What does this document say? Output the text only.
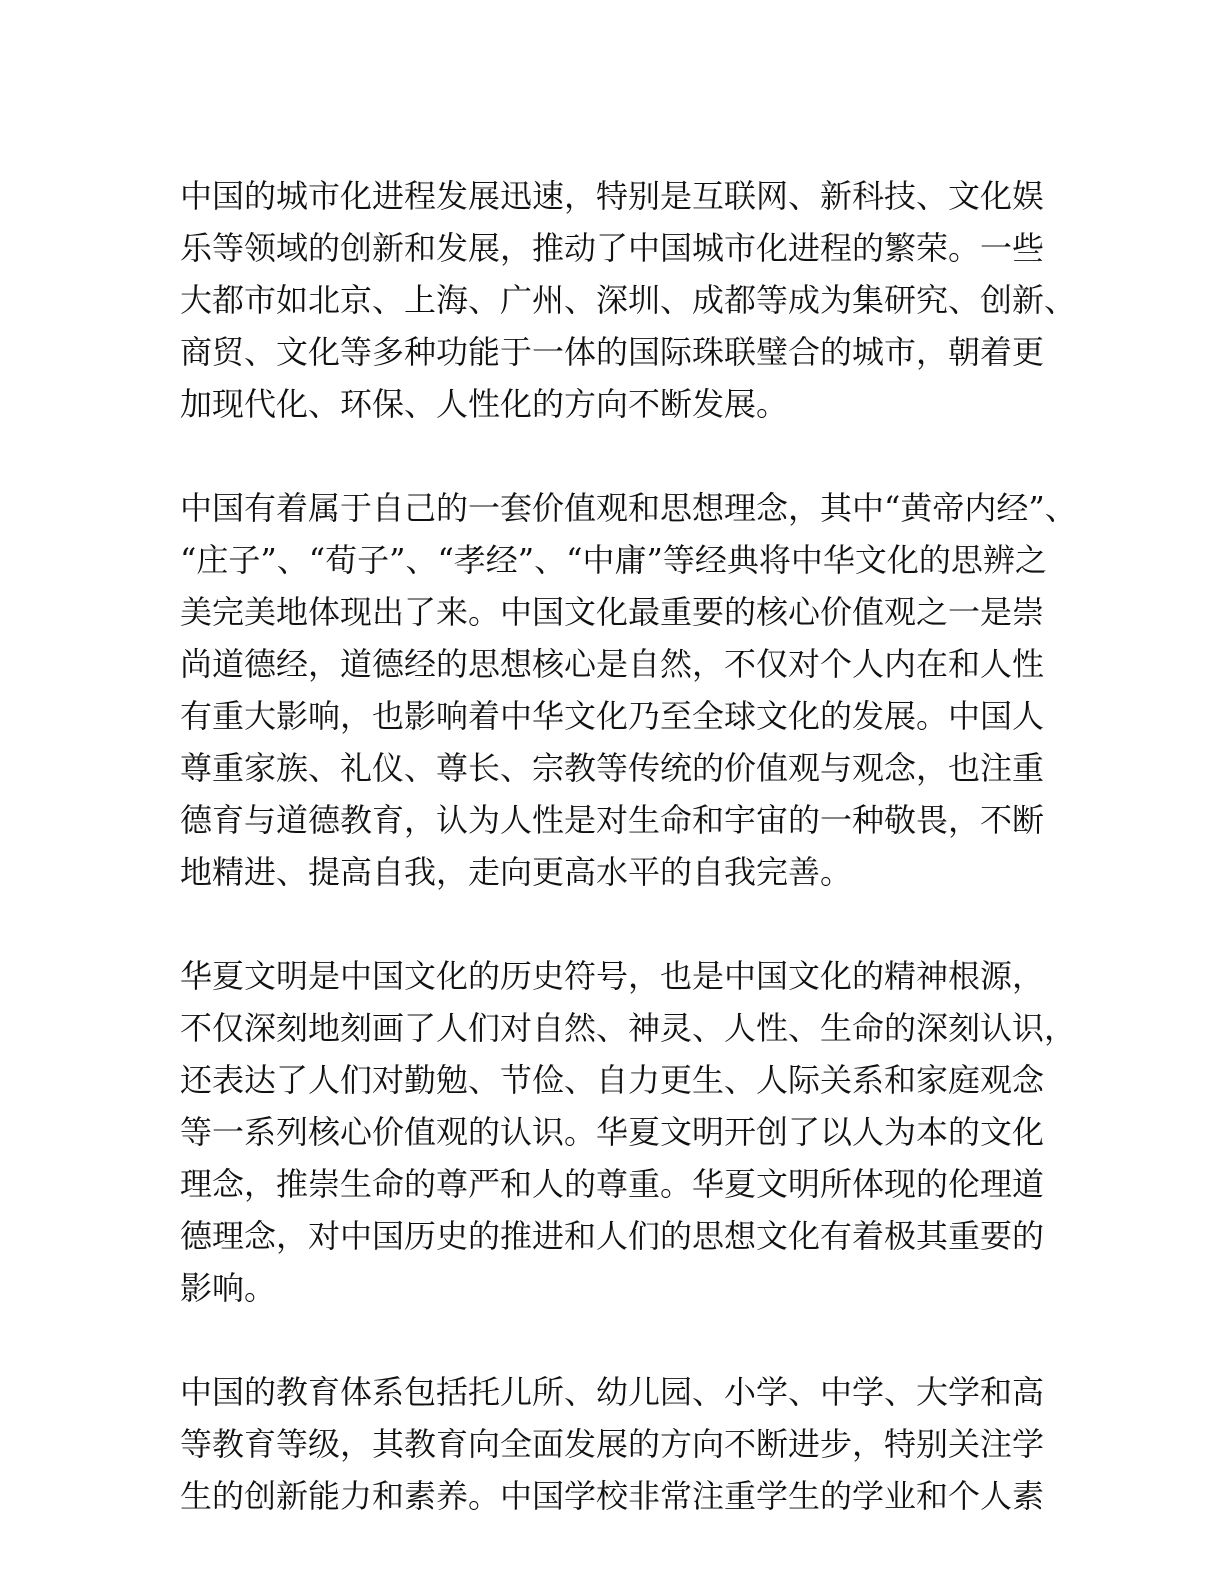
中国的城市化进程发展迅速，特别是互联网、新科技、文化娱
乐等领域的创新和发展，推动了中国城市化进程的繁荣。一些
大都市如北京、上海、广州、深圳、成都等成为集研究、创新、
商贸、文化等多种功能于一体的国际珠联璧合的城市，朝着更
加现代化、环保、人性化的方向不断发展。
中国有着属于自己的一套价值观和思想理念，其中“黄帝内经”、
“庄子”、“荀子”、“孝经”、“中庸”等经典将中华文化的思辨之
美完美地体现出了来。中国文化最重要的核心价值观之一是崇
尚道德经，道德经的思想核心是自然，不仅对个人内在和人性
有重大影响，也影响着中华文化乃至全球文化的发展。中国人
尊重家族、礼仪、尊长、宗教等传统的价值观与观念，也注重
德育与道德教育，认为人性是对生命和宇宙的一种敬畏，不断
地精进、提高自我，走向更高水平的自我完善。
华夏文明是中国文化的历史符号，也是中国文化的精神根源，
不仅深刻地刻画了人们对自然、神灵、人性、生命的深刻认识，
还表达了人们对勤勉、节俭、自力更生、人际关系和家庭观念
等一系列核心价值观的认识。华夏文明开创了以人为本的文化
理念，推崇生命的尊严和人的尊重。华夏文明所体现的伦理道
德理念，对中国历史的推进和人们的思想文化有着极其重要的
影响。
中国的教育体系包括托儿所、幼儿园、小学、中学、大学和高
等教育等级，其教育向全面发展的方向不断进步，特别关注学
生的创新能力和素养。中国学校非常注重学生的学业和个人素
